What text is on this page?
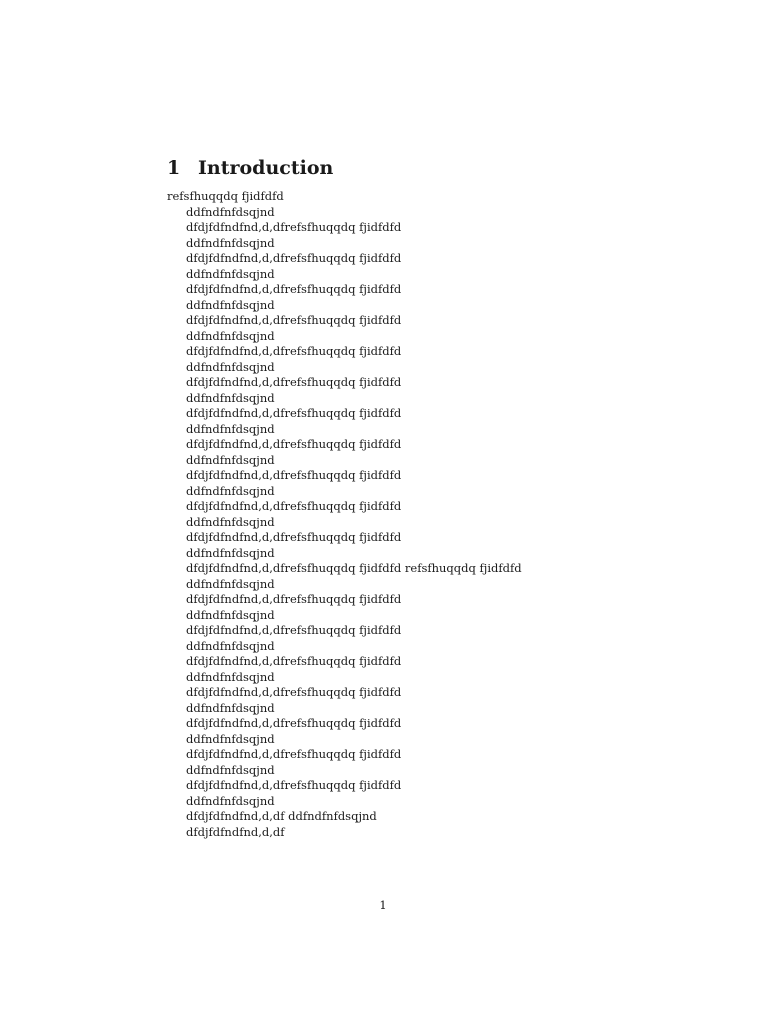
1 Introduction
refsfhuqqdq fjidfdfd
ddfndfnfdsqjnd
dfdjfdfndfnd,d,dfrefsfhuqqdq fjidfdfd
ddfndfnfdsqjnd
dfdjfdfndfnd,d,dfrefsfhuqqdq fjidfdfd
ddfndfnfdsqjnd
dfdjfdfndfnd,d,dfrefsfhuqqdq fjidfdfd
ddfndfnfdsqjnd
dfdjfdfndfnd,d,dfrefsfhuqqdq fjidfdfd
ddfndfnfdsqjnd
dfdjfdfndfnd,d,dfrefsfhuqqdq fjidfdfd
ddfndfnfdsqjnd
dfdjfdfndfnd,d,dfrefsfhuqqdq fjidfdfd
ddfndfnfdsqjnd
dfdjfdfndfnd,d,dfrefsfhuqqdq fjidfdfd
ddfndfnfdsqjnd
dfdjfdfndfnd,d,dfrefsfhuqqdq fjidfdfd
ddfndfnfdsqjnd
dfdjfdfndfnd,d,dfrefsfhuqqdq fjidfdfd
ddfndfnfdsqjnd
dfdjfdfndfnd,d,dfrefsfhuqqdq fjidfdfd
ddfndfnfdsqjnd
dfdjfdfndfnd,d,dfrefsfhuqqdq fjidfdfd
ddfndfnfdsqjnd
dfdjfdfndfnd,d,dfrefsfhuqqdq fjidfdfd refsfhuqqdq fjidfdfd
ddfndfnfdsqjnd
dfdjfdfndfnd,d,dfrefsfhuqqdq fjidfdfd
ddfndfnfdsqjnd
dfdjfdfndfnd,d,dfrefsfhuqqdq fjidfdfd
ddfndfnfdsqjnd
dfdjfdfndfnd,d,dfrefsfhuqqdq fjidfdfd
ddfndfnfdsqjnd
dfdjfdfndfnd,d,dfrefsfhuqqdq fjidfdfd
ddfndfnfdsqjnd
dfdjfdfndfnd,d,dfrefsfhuqqdq fjidfdfd
ddfndfnfdsqjnd
dfdjfdfndfnd,d,dfrefsfhuqqdq fjidfdfd
ddfndfnfdsqjnd
dfdjfdfndfnd,d,dfrefsfhuqqdq fjidfdfd
ddfndfnfdsqjnd
dfdjfdfndfnd,d,df ddfndfnfdsqjnd
dfdjfdfndfnd,d,df

1
